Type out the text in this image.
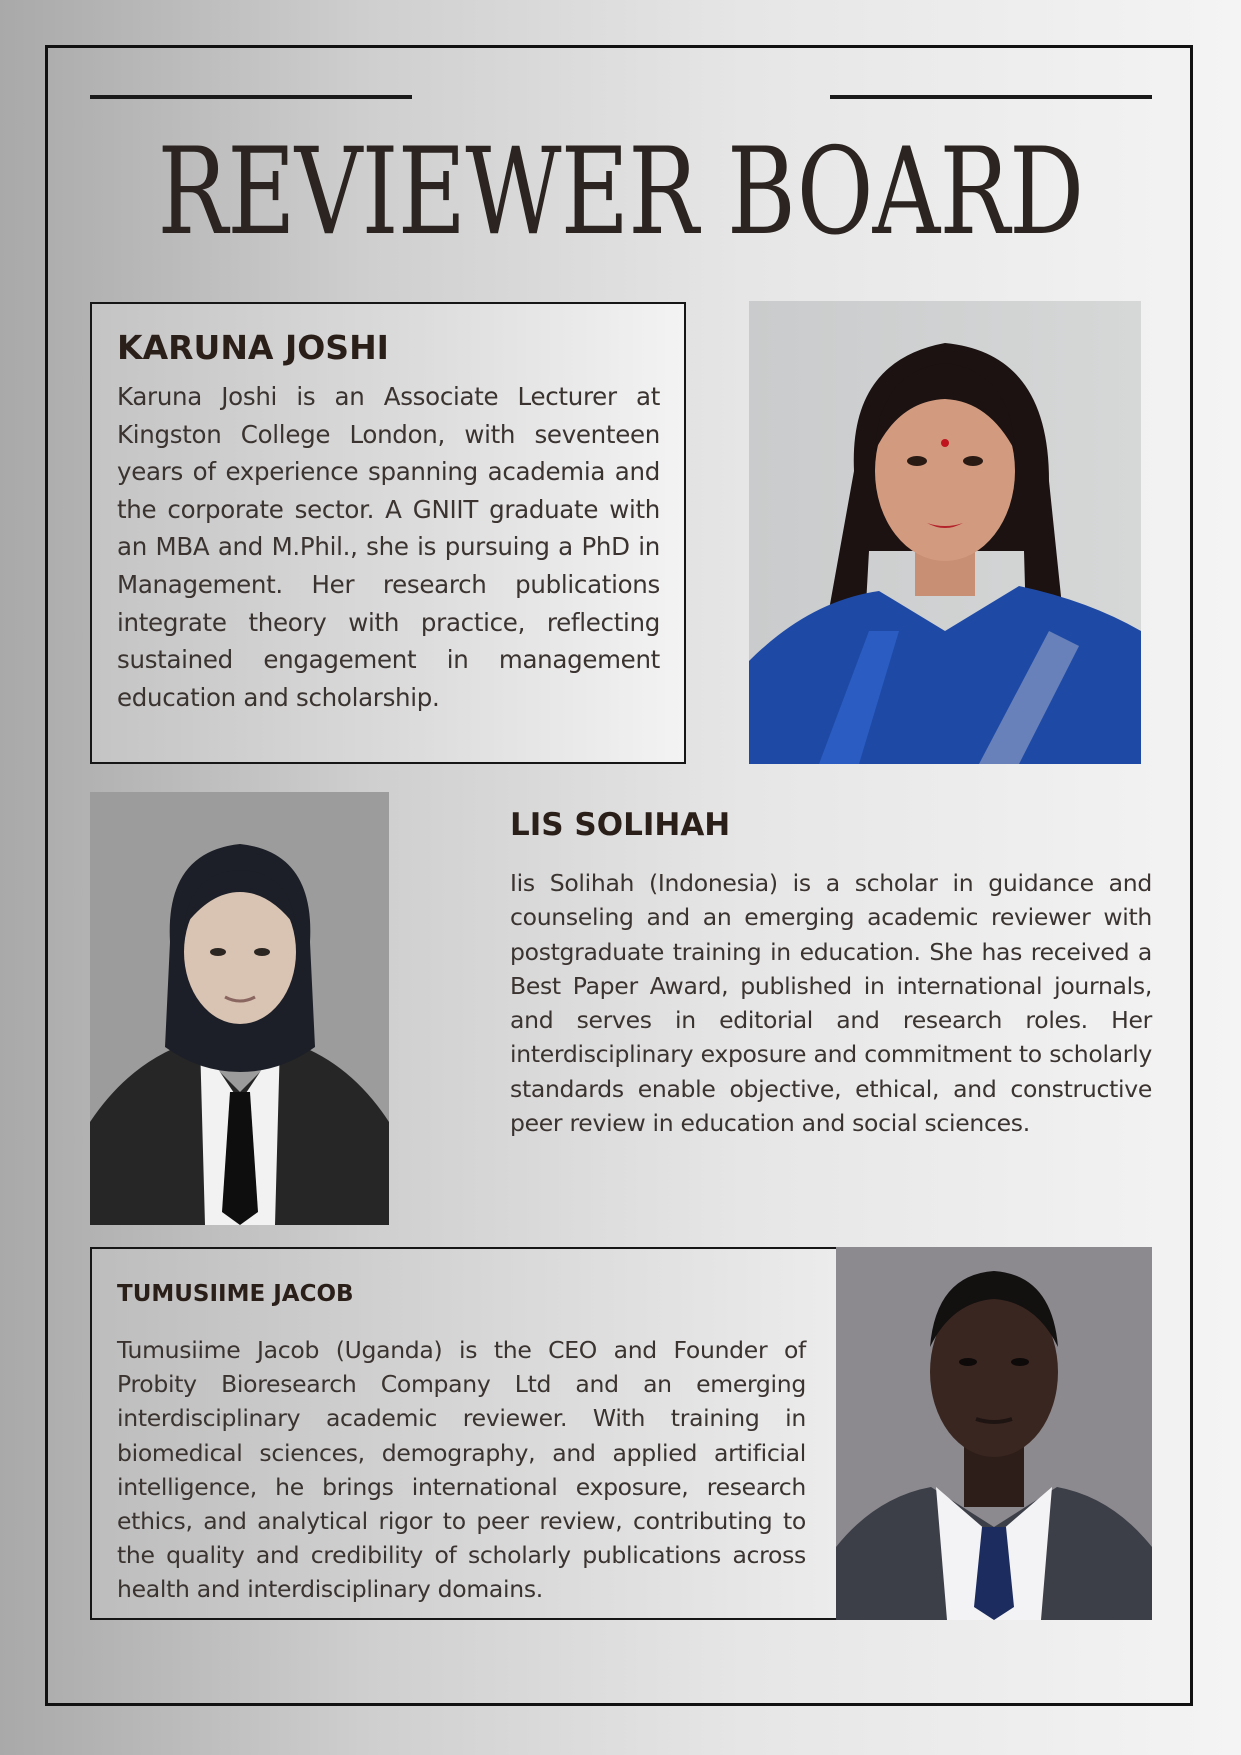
REVIEWER BOARD
KARUNA JOSHI

Karuna Joshi is an Associate Lecturer at Kingston College London, with seventeen years of experience spanning academia and the corporate sector. A GNIIT graduate with an MBA and M.Phil., she is pursuing a PhD in Management. Her research publications integrate theory with practice, reflecting sustained engagement in management education and scholarship.

LIS SOLIHAH

Iis Solihah (Indonesia) is a scholar in guidance and counseling and an emerging academic reviewer with postgraduate training in education. She has received a Best Paper Award, published in international journals, and serves in editorial and research roles. Her interdisciplinary exposure and commitment to scholarly standards enable objective, ethical, and constructive peer review in education and social sciences.

TUMUSIIME JACOB

Tumusiime Jacob (Uganda) is the CEO and Founder of Probity Bioresearch Company Ltd and an emerging interdisciplinary academic reviewer. With training in biomedical sciences, demography, and applied artificial intelligence, he brings international exposure, research ethics, and analytical rigor to peer review, contributing to the quality and credibility of scholarly publications across health and interdisciplinary domains.
